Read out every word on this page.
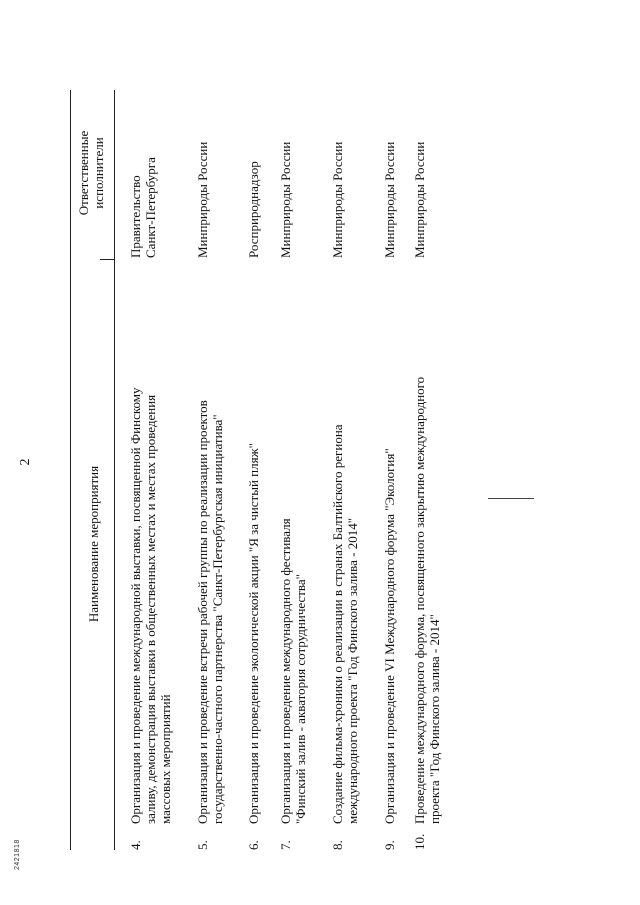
2421818
2
Наименование мероприятия
Ответственные исполнители
4.
Организация и проведение международной выставки, посвященной Финскому заливу, демонстрация выставки в общественных местах и местах проведения массовых мероприятий
Правительство Санкт-Петербурга
5.
Организация и проведение встречи рабочей группы по реализации проектов государственно-частного партнерства "Санкт-Петербургская инициатива"
Минприроды России
6.
Организация и проведение экологической акции "Я за чистый пляж"
Росприроднадзор
7.
Организация и проведение международного фестиваля "Финский залив - акватория сотрудничества"
Минприроды России
8.
Создание фильма-хроники о реализации в странах Балтийского региона международного проекта "Год Финского залива - 2014"
Минприроды России
9.
Организация и проведение VI Международного форума "Экология"
Минприроды России
10.
Проведение международного форума, посвященного закрытию международного проекта "Год Финского залива - 2014"
Минприроды России
